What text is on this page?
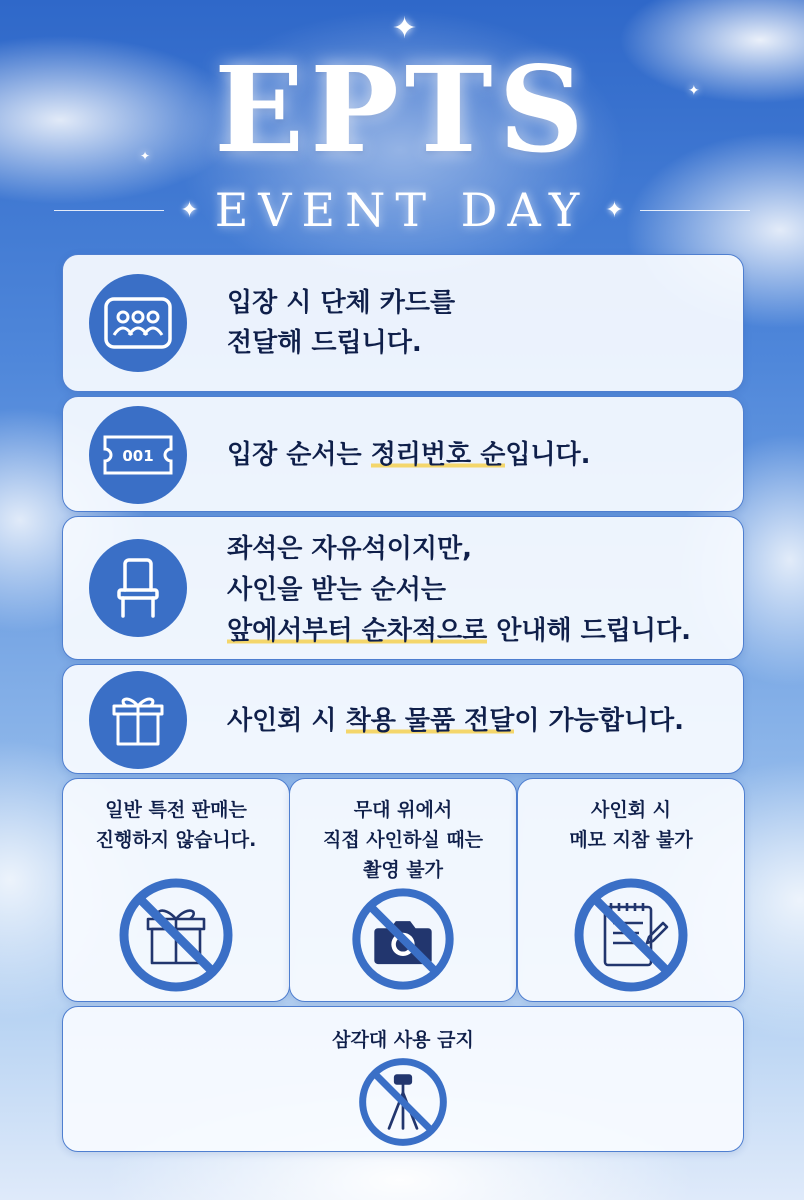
✦
✦
✦ EPTS
✦ EVENT DAY ✦
입장 시 단체 카드를
전달해 드립니다.
001	입장 순서는 정리번호 순입니다.
좌석은 자유석이지만,
사인을 받는 순서는
앞에서부터 순차적으로 안내해 드립니다.
사인회 시 착용 물품 전달이 가능합니다.
일반 특전 판매는
진행하지 않습니다.
무대 위에서
직접 사인하실 때는
촬영 불가
사인회 시
메모 지참 불가
삼각대 사용 금지
